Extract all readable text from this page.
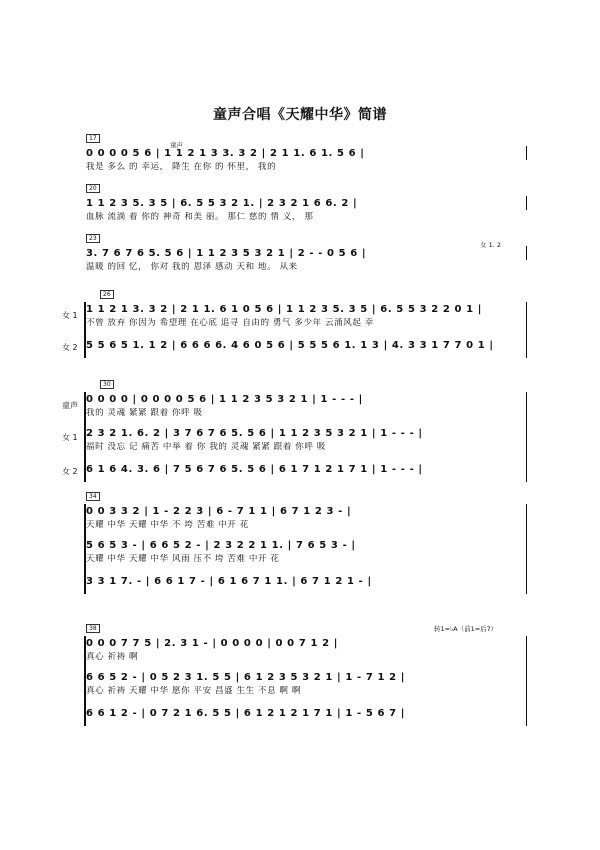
童声合唱《天耀中华》简谱
17
童声
0 0 0 0 5 6 | 1 1 2 1 3 3. 3 2 | 2 1 1. 6 1. 5 6 |
我是 多么 的 幸运， 降生 在你 的 怀里， 我的
20
1 1 2 3 5. 3 5 | 6. 5 5 3 2 1. | 2 3 2 1 6 6. 2 |
血脉 流淌 着 你的 神奇 和美 丽。 那仁 慈的 情 义， 那
23
女 1. 2
3. 7 6 7 6 5. 5 6 | 1 1 2 3 5 3 2 1 | 2 - - 0 5 6 |
温暖 的回 忆， 你对 我的 恩泽 感动 天和 地。 从来
26
女 1
1 1 2 1 3. 3 2 | 2 1 1. 6 1 0 5 6 | 1 1 2 3 5. 3 5 | 6. 5 5 3 2 2 0 1 |
不曾 放弃 你因为 希望理 在心底 追寻 自由的 勇气 多少年 云涌风起 幸
女 2 5 5 6 5 1. 1 2 | 6 6 6 6. 4 6 0 5 6 | 5 5 5 6 1. 1 3 | 4. 3 3 1 7 7 0 1 |
30
童声
0 0 0 0 | 0 0 0 0 5 6 | 1 1 2 3 5 3 2 1 | 1 - - - |
我的 灵魂 紧紧 跟着 你呼 吸
女 1 2 3 2 1. 6. 2 | 3 7 6 7 6 5. 5 6 | 1 1 2 3 5 3 2 1 | 1 - - - |
福时 没忘 记 痛苦 中举 着 你 我的 灵魂 紧紧 跟着 你呼 吸
女 2 6 1 6 4. 3. 6 | 7 5 6 7 6 5. 5 6 | 6 1 7 1 2 1 7 1 | 1 - - - |
34
0 0 3 3 2 | 1 - 2 2 3 | 6 - 7 1 1 | 6 7 1 2 3 - |
天耀 中华 天耀 中华 不 垮 苦难 中开 花
5 6 5 3 - | 6 6 5 2 - | 2 3 2 2 1 1. | 7 6 5 3 - |
天耀 中华 天耀 中华 风雨 压不 垮 苦难 中开 花
3 3 1 7. - | 6 6 1 7 - | 6 1 6 7 1 1. | 6 7 1 2 1 - |
38	转1=♭A（前1=后7）
0 0 0 7 7 5 | 2. 3 1 - | 0 0 0 0 | 0 0 7 1 2 |
真心 祈祷 啊
6 6 5 2 - | 0 5 2 3 1. 5 5 | 6 1 2 3 5 3 2 1 | 1 - 7 1 2 |
真心 祈祷 天耀 中华 愿你 平安 昌盛 生生 不息 啊 啊
6 6 1 2 - | 0 7 2 1 6. 5 5 | 6 1 2 1 2 1 7 1 | 1 - 5 6 7 |
